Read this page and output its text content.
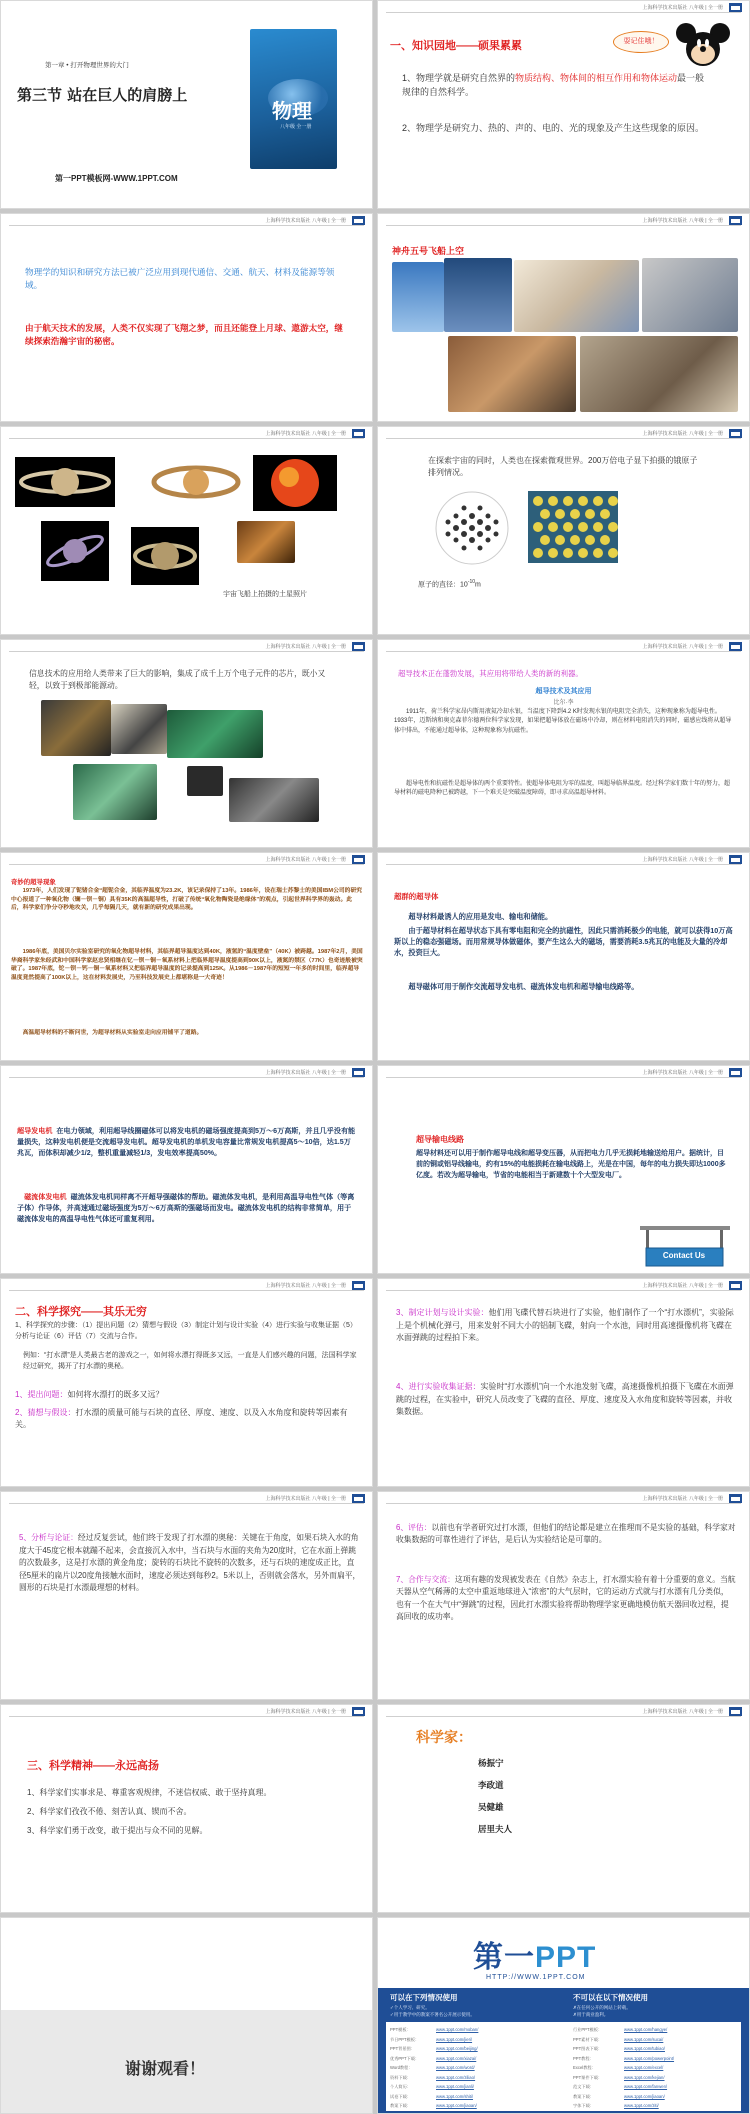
第一章 • 打开物理世界的大门
第三节 站在巨人的肩膀上
第一PPT模板网-WWW.1PPT.COM
物理
八年级 全一册
上海科学技术出版社 八年级 | 全一册
一、知识园地——硕果累累	耍记住哦！
1、物理学就是研究自然界的物质结构、物体间的相互作用和物体运动最一般规律的自然科学。
2、物理学是研究力、热的、声的、电的、光的现象及产生这些现象的原因。
上海科学技术出版社 八年级 | 全一册
物理学的知识和研究方法已被广泛应用到现代通信、交通、航天、材料及能源等领域。
由于航天技术的发展，人类不仅实现了飞翔之梦，而且还能登上月球、遨游太空，继续探索浩瀚宇宙的秘密。
上海科学技术出版社 八年级 | 全一册
神舟五号飞船上空
上海科学技术出版社 八年级 | 全一册
宇宙飞船上拍摄的土星照片
上海科学技术出版社 八年级 | 全一册
在探索宇宙的同时，人类也在探索微观世界。200万倍电子显下拍摄的锇原子排列情况。
原子的直径：$10^{-10}m$
上海科学技术出版社 八年级 | 全一册
信息技术的应用给人类带来了巨大的影响，集成了成千上万个电子元件的芯片，既小又轻，以致于到极部能源动。
上海科学技术出版社 八年级 | 全一册
超导技术正在蓬勃发展，其应用将带给人类的新的利器。
超导技术及其应用
比尔·李
1911年，荷兰科学家昂内斯用液氦冷却水银，当温度下降到4.2 K时发现水银的电阻完全消失，这种现象称为超导电性。1933年，迈斯纳和奥克森菲尔德两位科学家发现，如果把超导体放在磁场中冷却，则在材料电阻消失的同时，磁感应线将从超导体中排出，不能通过超导体，这种现象称为抗磁性。
超导电性和抗磁性是超导体的两个重要特性。使超导体电阻为零的温度，叫超导临界温度。经过科学家们数十年的努力，超导材料的磁电降种已被跨越，下一个难关是突破温度障碍，即寻求高温超导材料。
上海科学技术出版社 八年级 | 全一册
奇妙的超导现象
1973年，人们发现了铌锗合金“超铌合金，其临界温度为23.2K，该记录保持了13年。1986年，设在瑞士苏黎士的美国IBM公司的研究中心报道了一种氧化物（镧－钡－铜）具有35K的高温超导性，打破了传统“氧化物陶瓷是绝缘体”的观点，引起世界科学界的轰动。此后，科学家们争分夺秒地攻关，几乎每隔几天，就有新的研究成果出现。
1986年底，美国贝尔实验室研究的氧化物超导材料，其临界超导温度达到40K，液氢的“温度壁垒”（40K）被跨越。1987年2月，美国华裔科学家朱经武和中国科学家赵忠贤相继在钇－钡－铜－氧系材料上把临界超导温度提高到90K以上，液氮的禁区（77K）也奇迹般被突破了。1987年底，铊－钡－钙－铜－氧系材料又把临界超导温度的记录提高到125K。从1986－1987年的短短一年多的时间里，临界超导温度竟然提高了100K以上，这在材料发展史，乃至科技发展史上都堪称是一大奇迹！
高温超导材料的不断问世，为超导材料从实验室走向应用铺平了道路。
上海科学技术出版社 八年级 | 全一册
超群的超导体
超导材料最诱人的应用是发电、输电和储能。
由于超导材料在超导状态下具有零电阻和完全的抗磁性，因此只需消耗极少的电能，就可以获得10万高斯以上的稳态强磁场。而用常规导体做磁体，要产生这么大的磁场，需要消耗3.5兆瓦的电能及大量的冷却水，投资巨大。
超导磁体可用于制作交流超导发电机、磁流体发电机和超导输电线路等。
上海科学技术出版社 八年级 | 全一册
超导发电机 在电力领域，利用超导线圈磁体可以将发电机的磁场强度提高到5万～6万高斯，并且几乎没有能量损失，这种发电机便是交流超导发电机。超导发电机的单机发电容量比常规发电机提高5～10倍，达1.5万兆瓦，而体积却减少1/2，整机重量减轻1/3，发电效率提高50%。
磁流体发电机 磁流体发电机同样离不开超导强磁体的帮助。磁流体发电机，是利用高温导电性气体（等离子体）作导体，并高速通过磁场强度为5万～6万高斯的强磁场而发电。磁流体发电机的结构非常简单，用于磁流体发电的高温导电性气体还可重复利用。
上海科学技术出版社 八年级 | 全一册
超导输电线路
超导材料还可以用于制作超导电线和超导变压器，从而把电力几乎无损耗地输送给用户。据统计，目前的铜或铝导线输电，约有15%的电能损耗在输电线路上，光是在中国，每年的电力损失即达1000多亿度。若改为超导输电，节省的电能相当于新建数十个大型发电厂。
Contact Us
上海科学技术出版社 八年级 | 全一册
二、科学探究——其乐无穷
1、科学探究的步骤：（1）提出问题（2）猜想与假设（3）制定计划与设计实验（4）进行实验与收集证据（5）分析与论证（6）评估（7）交流与合作。
例如：“打水漂”是人类最古老的游戏之一，如何将水漂打得既多又远，一直是人们感兴趣的问题，法国科学家经过研究，揭开了打水漂的奥秘。
1、提出问题：如何将水漂打的既多又远？
2、猜想与假设：打水漂的质量可能与石块的直径、厚度、速度、以及入水角度和旋转等因素有关。
上海科学技术出版社 八年级 | 全一册
3、制定计划与设计实验：他们用飞碟代替石块进行了实验，他们制作了一个“打水漂机”，实验际上是个机械化弹弓，用来发射不同大小的铝制飞碟，射向一个水池，同时用高速摄像机将飞碟在水面弹跳的过程拍下来。
4、进行实验收集证据：实验时“打水漂机”向一个水池发射飞碟，高速摄像机拍摄下飞碟在水面弹跳的过程，在实验中，研究人员改变了飞碟的直径、厚度、速度及入水角度和旋转等因素，并收集数据。
上海科学技术出版社 八年级 | 全一册
5、分析与论证：经过反复尝试，他们终于发现了打水漂的奥秘：关键在于角度，如果石块入水的角度大于45度它根本就蹦不起来，会直接沉入水中，当石块与水面的夹角为20度时，它在水面上弹跳的次数最多，这是打水漂的黄金角度；旋转的石块比不旋转的次数多，还与石块的速度成正比，直径5厘米的扁片以20度角接触水面时，速度必须达到每秒2。5米以上，否则就会落水，另外而扁平，圆形的石块是打水漂最理想的材料。
上海科学技术出版社 八年级 | 全一册
6、评估：以前也有学者研究过打水漂，但他们的结论都是建立在推理而不是实验的基础，科学家对收集数据的可靠性进行了评估，是后认为实验结论是可靠的。
7、合作与交流：这项有趣的发现被发表在《自然》杂志上，打水漂实验有着十分重要的意义。当航天器从空气稀薄的太空中重返地球进入“浓密”的大气层时，它的运动方式就与打水漂有几分类似，也有一个在大气中“弹跳”的过程，因此打水漂实验将帮助物理学家更确地模仿航天器回收过程，提高回收的成功率。
上海科学技术出版社 八年级 | 全一册
三、科学精神——永远高扬
1、科学家们实事求是、尊重客观规律，不迷信权威、敢于坚持真理。
2、科学家们孜孜不倦、刻苦认真、锲而不舍。
3、科学家们勇于改变，敢于提出与众不同的见解。
上海科学技术出版社 八年级 | 全一册
科学家：
杨振宁
李政道
吴健雄
居里夫人
谢谢观看！
第一PPT
HTTP://WWW.1PPT.COM
可以在下列情况使用	不可以在以下情况使用
✓个人学习、研究。
✓用于教学中的教案不署名公开展示使用。
✗在任何公开的网站上转载。
✗用于商业盈利。
PPT模板：
节日PPT模板：
PPT背景图：
优秀PPT下载：
Word教程：
资料下载：
个人简历：
试卷下载：
教案下载：
www.1ppt.com/moban/
www.1ppt.com/jieri/
www.1ppt.com/beijing/
www.1ppt.com/xiazai/
www.1ppt.com/word/
www.1ppt.com/ziliao/
www.1ppt.com/jianli/
www.1ppt.com/shiti/
www.1ppt.com/jiaoan/
行业PPT模板：
PPT素材下载：
PPT图表下载：
PPT教程：
Excel教程：
PPT课件下载：
范文下载：
教案下载：
字体下载：
www.1ppt.com/hangye/
www.1ppt.com/sucai/
www.1ppt.com/tubiao/
www.1ppt.com/powerpoint/
www.1ppt.com/excel/
www.1ppt.com/kejian/
www.1ppt.com/fanwen/
www.1ppt.com/jiaoan/
www.1ppt.com/ziti/
